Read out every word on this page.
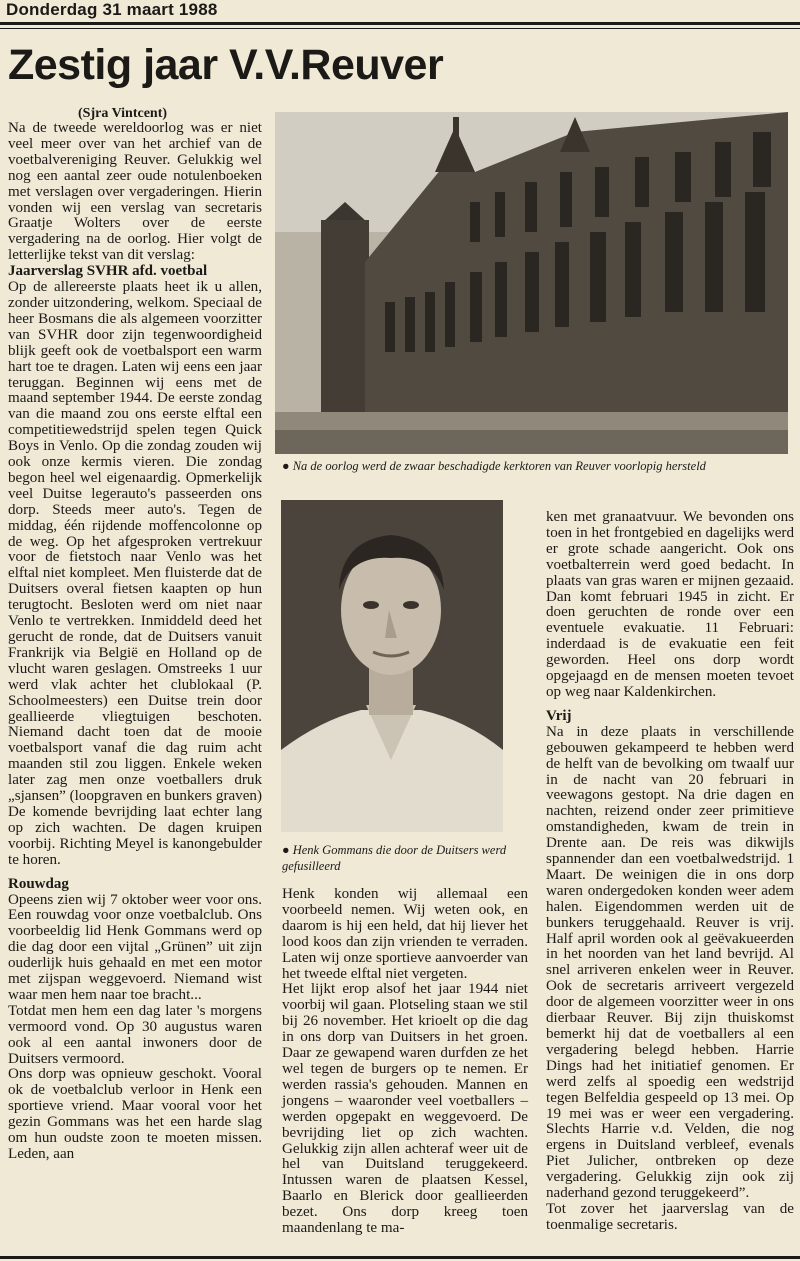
Donderdag 31 maart 1988
Zestig jaar V.V.Reuver
(Sjra Vintcent)

Na de tweede wereldoorlog was er niet veel meer over van het archief van de voetbalvereniging Reuver. Gelukkig wel nog een aantal zeer oude notulenboeken met verslagen over vergaderingen. Hierin vonden wij een verslag van secretaris Graatje Wolters over de eerste vergadering na de oorlog. Hier volgt de letterlijke tekst van dit verslag:

Jaarverslag SVHR afd. voetbal

Op de allereerste plaats heet ik u allen, zonder uitzondering, welkom. Speciaal de heer Bosmans die als algemeen voorzitter van SVHR door zijn tegenwoordigheid blijk geeft ook de voetbalsport een warm hart toe te dragen. Laten wij eens een jaar teruggan. Beginnen wij eens met de maand september 1944. De eerste zondag van die maand zou ons eerste elftal een competitiewedstrijd spelen tegen Quick Boys in Venlo. Op die zondag zouden wij ook onze kermis vieren. Die zondag begon heel wel eigenaardig. Opmerkelijk veel Duitse legerauto's passeerden ons dorp. Steeds meer auto's. Tegen de middag, één rijdende moffencolonne op de weg. Op het afgesproken vertrekuur voor de fietstoch naar Venlo was het elftal niet kompleet. Men fluisterde dat de Duitsers overal fietsen kaapten op hun terugtocht. Besloten werd om niet naar Venlo te vertrekken. Inmiddeld deed het gerucht de ronde, dat de Duitsers vanuit Frankrijk via België en Holland op de vlucht waren geslagen. Omstreeks 1 uur werd vlak achter het clublokaal (P. Schoolmeesters) een Duitse trein door geallieerde vliegtuigen beschoten. Niemand dacht toen dat de mooie voetbalsport vanaf die dag ruim acht maanden stil zou liggen. Enkele weken later zag men onze voetballers druk „sjansen” (loopgraven en bunkers graven) De komende bevrijding laat echter lang op zich wachten. De dagen kruipen voorbij. Richting Meyel is kanongebulder te horen.

Rouwdag

Opeens zien wij 7 oktober weer voor ons. Een rouwdag voor onze voetbalclub. Ons voorbeeldig lid Henk Gommans werd op die dag door een vijtal „Grünen” uit zijn ouderlijk huis gehaald en met een motor met zijspan weggevoerd. Niemand wist waar men hem naar toe bracht...

Totdat men hem een dag later 's morgens vermoord vond. Op 30 augustus waren ook al een aantal inwoners door de Duitsers vermoord.

Ons dorp was opnieuw geschokt. Vooral ok de voetbalclub verloor in Henk een sportieve vriend. Maar vooral voor het gezin Gommans was het een harde slag om hun oudste zoon te moeten missen. Leden, aan

● Na de oorlog werd de zwaar beschadigde kerktoren van Reuver voorlopig hersteld
● Henk Gommans die door de Duitsers werd gefusilleerd

Henk konden wij allemaal een voorbeeld nemen. Wij weten ook, en daarom is hij een held, dat hij liever het lood koos dan zijn vrienden te verraden. Laten wij onze sportieve aanvoerder van het tweede elftal niet vergeten.

Het lijkt erop alsof het jaar 1944 niet voorbij wil gaan. Plotseling staan we stil bij 26 november. Het krioelt op die dag in ons dorp van Duitsers in het groen. Daar ze gewapend waren durfden ze het wel tegen de burgers op te nemen. Er werden rassia's gehouden. Mannen en jongens – waaronder veel voetballers – werden opgepakt en weggevoerd. De bevrijding liet op zich wachten. Gelukkig zijn allen achteraf weer uit de hel van Duitsland teruggekeerd. Intussen waren de plaatsen Kessel, Baarlo en Blerick door geallieerden bezet. Ons dorp kreeg toen maandenlang te ma-

ken met granaatvuur. We bevonden ons toen in het frontgebied en dagelijks werd er grote schade aangericht. Ook ons voetbalterrein werd goed bedacht. In plaats van gras waren er mijnen gezaaid. Dan komt februari 1945 in zicht. Er doen geruchten de ronde over een eventuele evakuatie. 11 Februari: inderdaad is de evakuatie een feit geworden. Heel ons dorp wordt opgejaagd en de mensen moeten tevoet op weg naar Kaldenkirchen.

Vrij

Na in deze plaats in verschillende gebouwen gekampeerd te hebben werd de helft van de bevolking om twaalf uur in de nacht van 20 februari in veewagons gestopt. Na drie dagen en nachten, reizend onder zeer primitieve omstandigheden, kwam de trein in Drente aan. De reis was dikwijls spannender dan een voetbalwedstrijd. 1 Maart. De weinigen die in ons dorp waren ondergedoken konden weer adem halen. Eigendommen werden uit de bunkers teruggehaald. Reuver is vrij. Half april worden ook al geëvakueerden in het noorden van het land bevrijd. Al snel arriveren enkelen weer in Reuver. Ook de secretaris arriveert vergezeld door de algemeen voorzitter weer in ons dierbaar Reuver. Bij zijn thuiskomst bemerkt hij dat de voetballers al een vergadering belegd hebben. Harrie Dings had het initiatief genomen. Er werd zelfs al spoedig een wedstrijd tegen Belfeldia gespeeld op 13 mei. Op 19 mei was er weer een vergadering. Slechts Harrie v.d. Velden, die nog ergens in Duitsland verbleef, evenals Piet Julicher, ontbreken op deze vergadering. Gelukkig zijn ook zij naderhand gezond teruggekeerd”.

Tot zover het jaarverslag van de toenmalige secretaris.
